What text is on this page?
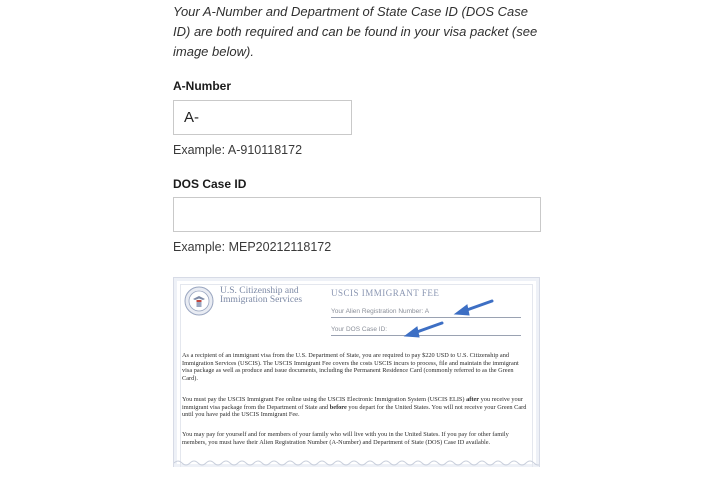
Your A-Number and Department of State Case ID (DOS Case ID) are both required and can be found in your visa packet (see image below).
A-Number
A-
Example: A-910118172
DOS Case ID
Example: MEP20212118172
U.S. Citizenship and Immigration Services
USCIS IMMIGRANT FEE
Your Alien Registration Number: A
Your DOS Case ID:
As a recipient of an immigrant visa from the U.S. Department of State, you are required to pay $220 USD to U.S. Citizenship and Immigration Services (USCIS). The USCIS Immigrant Fee covers the costs USCIS incurs to process, file and maintain the immigrant visa package as well as produce and issue documents, including the Permanent Residence Card (commonly referred to as the Green Card).
You must pay the USCIS Immigrant Fee online using the USCIS Electronic Immigration System (USCIS ELIS) after you receive your immigrant visa package from the Department of State and before you depart for the United States. You will not receive your Green Card until you have paid the USCIS Immigrant Fee.
You may pay for yourself and for members of your family who will live with you in the United States. If you pay for other family members, you must have their Alien Registration Number (A-Number) and Department of State (DOS) Case ID available.
